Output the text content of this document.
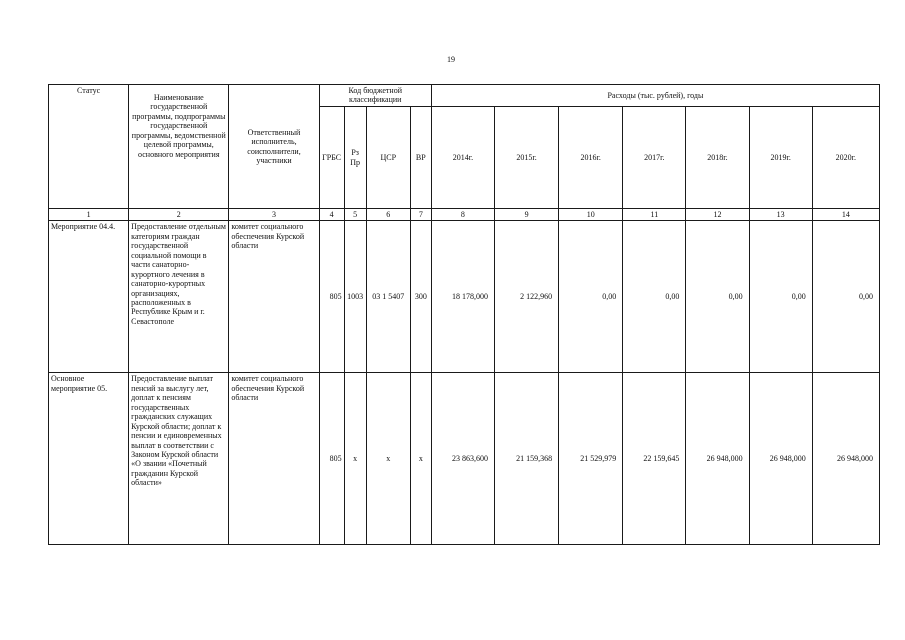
19
Статус	Наименование государственной программы, подпрограммы государственной программы, ведомственной целевой программы, основного мероприятия	Ответственный исполнитель, соисполнители, участники	Код бюджетной классификации				Расходы (тыс. рублей), годы						
			ГРБС	Рз Пр	ЦСР	ВР	2014г.	2015г.	2016г.	2017г.	2018г.	2019г.	2020г.
1	2	3	4	5	6	7	8	9	10	11	12	13	14
Мероприятие 04.4.	Предоставление отдельным категориям граждан государственной социальной помощи в части санаторно-курортного лечения в санаторно-курортных организациях, расположенных в Республике Крым и г. Севастополе	комитет социального обеспечения Курской области	805	1003	03 1 5407	300	18 178,000	2 122,960	0,00	0,00	0,00	0,00	0,00
Основное мероприятие 05.	Предоставление выплат пенсий за выслугу лет, доплат к пенсиям государственных гражданских служащих Курской области; доплат к пенсии и единовременных выплат в соответствии с Законом Курской области «О звании «Почетный гражданин Курской области»	комитет социального обеспечения Курской области	805	х	х	х	23 863,600	21 159,368	21 529,979	22 159,645	26 948,000	26 948,000	26 948,000
